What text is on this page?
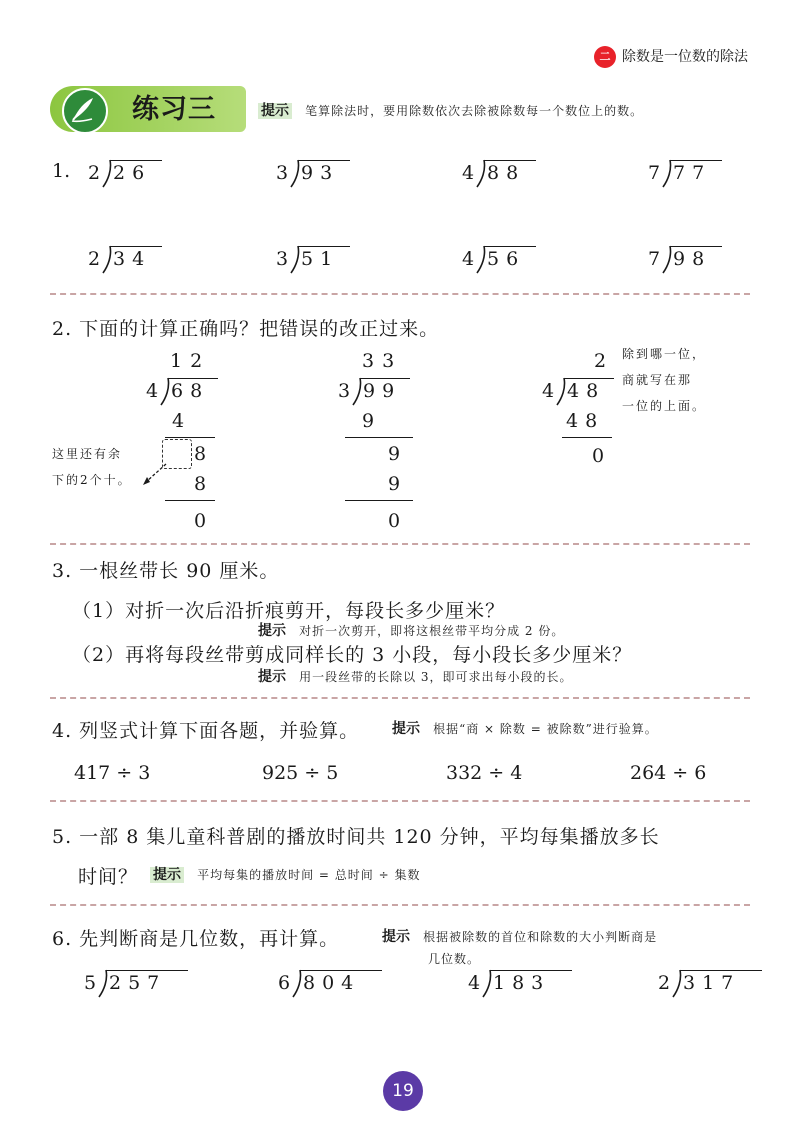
二 除数是一位数的除法
练习三	提示 笔算除法时，要用除数依次去除被除数每一个数位上的数。
1. 2 26	3 93	4 88	7 77
2 34	3 51	4 56	7 98
2. 下面的计算正确吗？把错误的改正过来。
12
4 68
4
8
8
0
这里还有余
下的2个十。
33
3 99
9
9
9
0
2
4 48
48
0
除到哪一位，
商就写在那
一位的上面。
3. 一根丝带长 90 厘米。
（1）对折一次后沿折痕剪开，每段长多少厘米？
提示 对折一次剪开，即将这根丝带平均分成 2 份。
（2）再将每段丝带剪成同样长的 3 小段，每小段长多少厘米？
提示 用一段丝带的长除以 3，即可求出每小段的长。
4. 列竖式计算下面各题，并验算。 提示 根据“商 × 除数 = 被除数”进行验算。
417 ÷ 3	925 ÷ 5	332 ÷ 4	264 ÷ 6
5. 一部 8 集儿童科普剧的播放时间共 120 分钟，平均每集播放多长
时间？ 提示 平均每集的播放时间 = 总时间 ÷ 集数
6. 先判断商是几位数，再计算。	提示 根据被除数的首位和除数的大小判断商是
几位数。
5 257	6 804	4 183	2 317
19
